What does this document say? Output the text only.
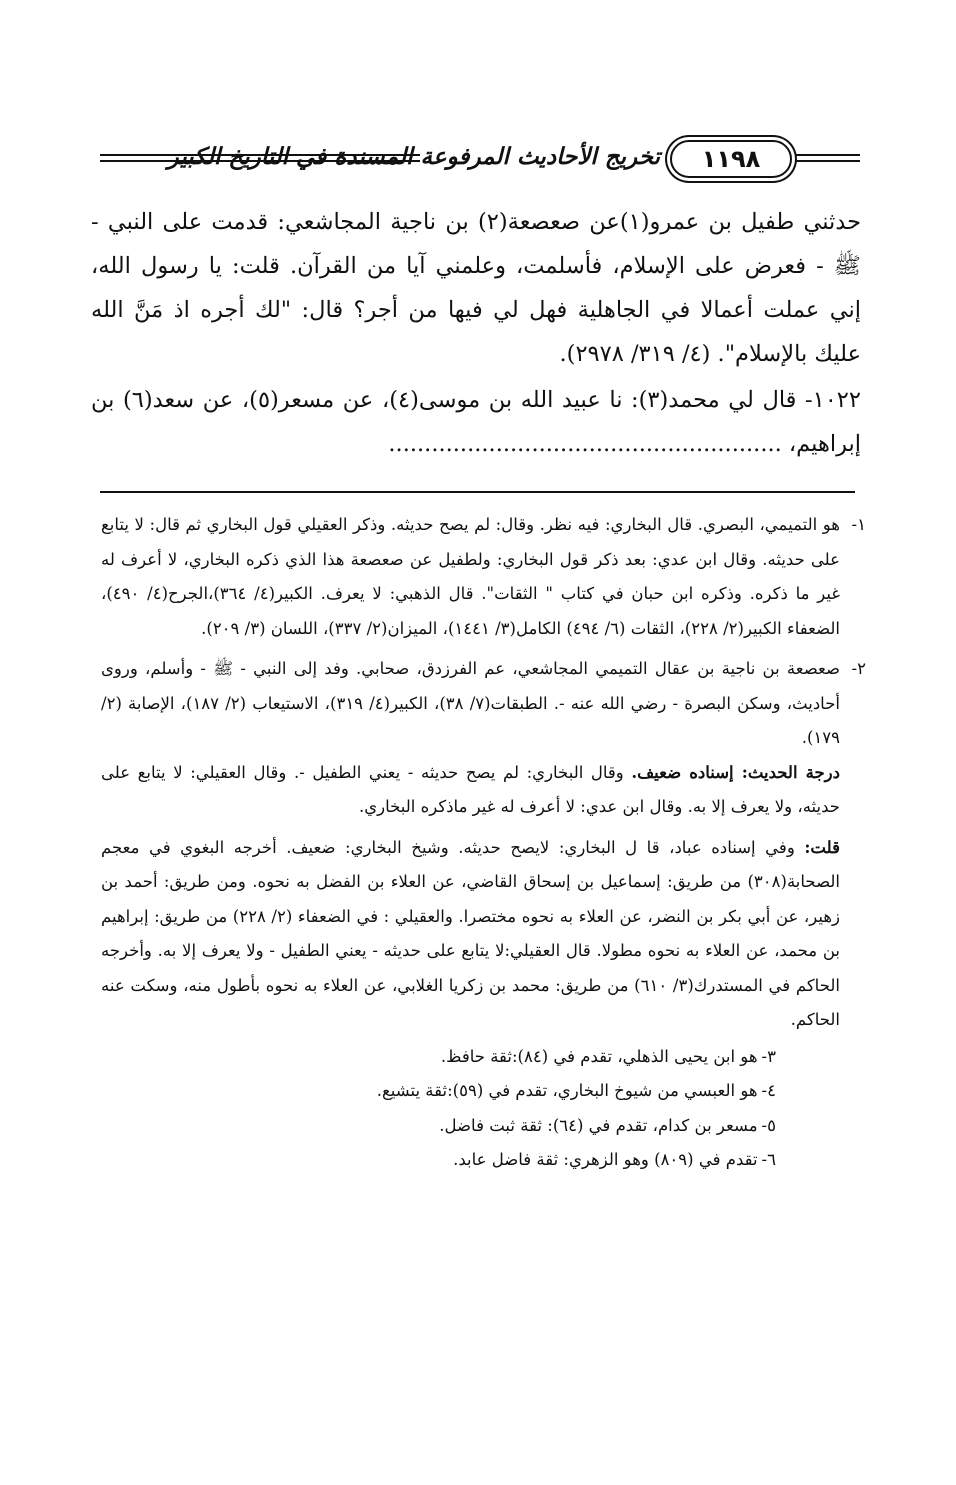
١١٩٨
تخريج الأحاديث المرفوعة المسندة في التاريخ الكبير

حدثني طفيل بن عمرو(١)عن صعصعة(٢) بن ناجية المجاشعي: قدمت على النبي - ﷺ - فعرض على الإسلام، فأسلمت، وعلمني آيا من القرآن. قلت: يا رسول الله، إني عملت أعمالا في الجاهلية فهل لي فيها من أجر؟ قال: "لك أجره اذ مَنَّ الله عليك بالإسلام". (٤/ ٣١٩/ ٢٩٧٨).

١٠٢٢- قال لي محمد(٣): نا عبيد الله بن موسى(٤)، عن مسعر(٥)، عن سعد(٦) بن إبراهيم، .......................................................

١-
هو التميمي، البصري. قال البخاري: فيه نظر. وقال: لم يصح حديثه. وذكر العقيلي قول البخاري ثم قال: لا يتابع على حديثه. وقال ابن عدي: بعد ذكر قول البخاري: ولطفيل عن صعصعة هذا الذي ذكره البخاري، لا أعرف له غير ما ذكره. وذكره ابن حبان في كتاب " الثقات". قال الذهبي: لا يعرف. الكبير(٤/ ٣٦٤)،الجرح(٤/ ٤٩٠)، الضعفاء الكبير(٢/ ٢٢٨)، الثقات (٦/ ٤٩٤) الكامل(٣/ ١٤٤١)، الميزان(٢/ ٣٣٧)، اللسان (٣/ ٢٠٩).
٢-
صعصعة بن ناجية بن عقال التميمي المجاشعي، عم الفرزدق، صحابي. وفد إلى النبي - ﷺ - وأسلم، وروى أحاديث، وسكن البصرة - رضي الله عنه -. الطبقات(٧/ ٣٨)، الكبير(٤/ ٣١٩)، الاستيعاب (٢/ ١٨٧)، الإصابة (٢/ ١٧٩).

درجة الحديث: إسناده ضعيف. وقال البخاري: لم يصح حديثه - يعني الطفيل -. وقال العقيلي: لا يتابع على حديثه، ولا يعرف إلا به. وقال ابن عدي: لا أعرف له غير ماذكره البخاري.

قلت: وفي إسناده عباد، قا ل البخاري: لايصح حديثه. وشيخ البخاري: ضعيف. أخرجه البغوي في معجم الصحابة(٣٠٨) من طريق: إسماعيل بن إسحاق القاضي، عن العلاء بن الفضل به نحوه. ومن طريق: أحمد بن زهير، عن أبي بكر بن النضر، عن العلاء به نحوه مختصرا. والعقيلي : في الضعفاء (٢/ ٢٢٨) من طريق: إبراهيم بن محمد، عن العلاء به نحوه مطولا. قال العقيلي:لا يتابع على حديثه - يعني الطفيل - ولا يعرف إلا به. وأخرجه الحاكم في المستدرك(٣/ ٦١٠) من طريق: محمد بن زكريا الغلابي، عن العلاء به نحوه بأطول منه، وسكت عنه الحاكم.

٣-هو ابن يحيى الذهلي، تقدم في (٨٤):ثقة حافظ.
٤-هو العبسي من شيوخ البخاري، تقدم في (٥٩):ثقة يتشيع.
٥-مسعر بن كدام، تقدم في (٦٤): ثقة ثبت فاضل.
٦-تقدم في (٨٠٩) وهو الزهري: ثقة فاضل عابد.
